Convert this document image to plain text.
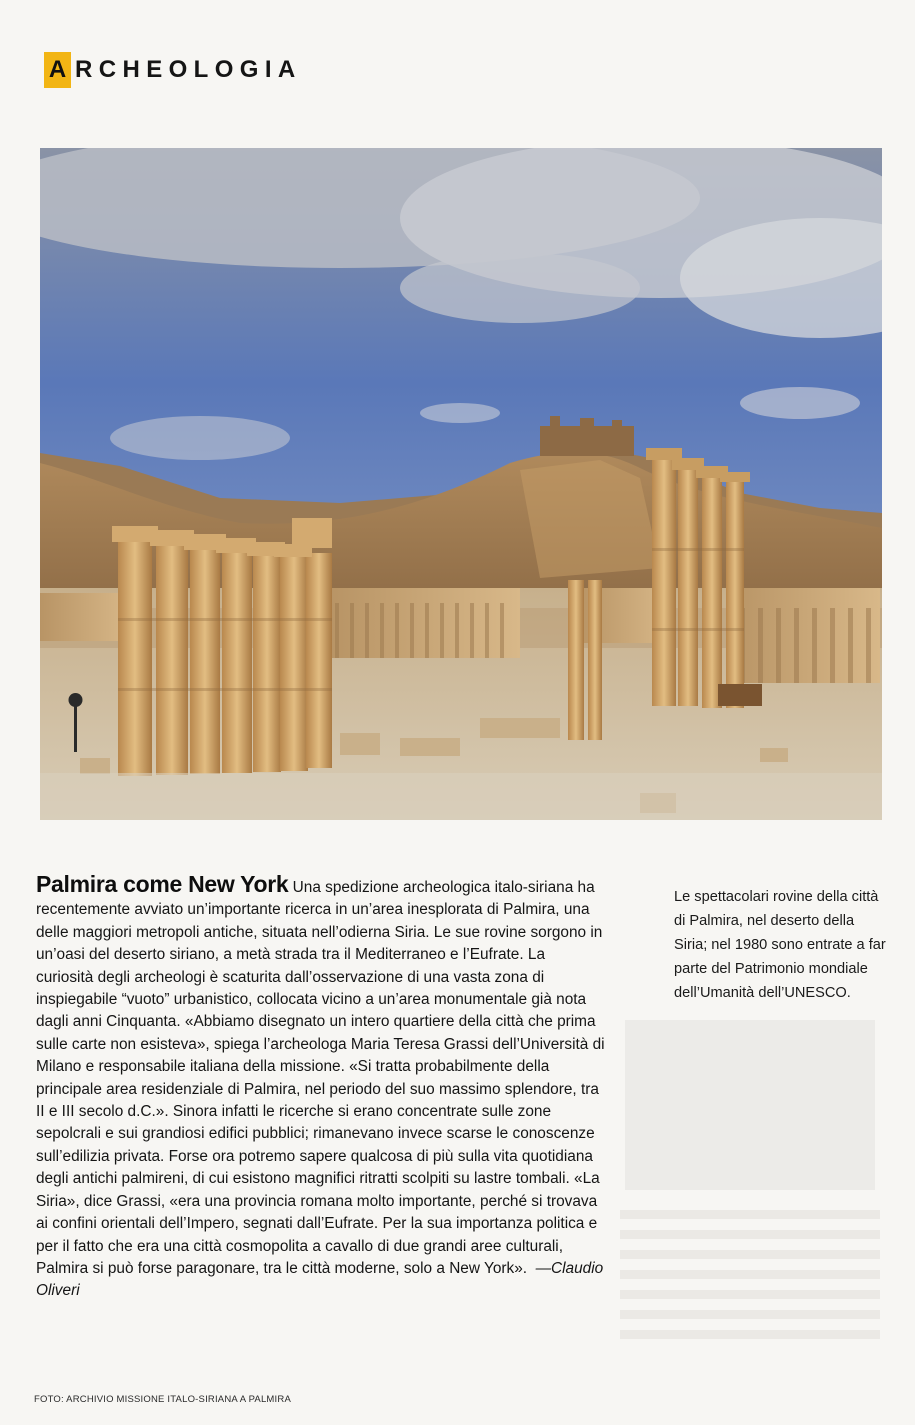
A RCHEOLOGIA
Palmira come New York Una spedizione archeologica italo-siriana ha recentemente avviato un’importante ricerca in un’area inesplorata di Palmira, una delle maggiori metropoli antiche, situata nell’odierna Siria. Le sue rovine sorgono in un’oasi del deserto siriano, a metà strada tra il Mediterraneo e l’Eufrate. La curiosità degli archeologi è scaturita dall’osservazione di una vasta zona di inspiegabile “vuoto” urbanistico, collocata vicino a un’area monumentale già nota dagli anni Cinquanta. «Abbiamo disegnato un intero quartiere della città che prima sulle carte non esisteva», spiega l’archeologa Maria Teresa Grassi dell’Università di Milano e responsabile italiana della missione. «Si tratta probabilmente della principale area residenziale di Palmira, nel periodo del suo massimo splendore, tra II e III secolo d.C.». Sinora infatti le ricerche si erano concentrate sulle zone sepolcrali e sui grandiosi edifici pubblici; rimanevano invece scarse le conoscenze sull’edilizia privata. Forse ora potremo sapere qualcosa di più sulla vita quotidiana degli antichi palmireni, di cui esistono magnifici ritratti scolpiti su lastre tombali. «La Siria», dice Grassi, «era una provincia romana molto importante, perché si trovava ai confini orientali dell’Impero, segnati dall’Eufrate. Per la sua importanza politica e per il fatto che era una città cosmopolita a cavallo di due grandi aree culturali, Palmira si può forse paragonare, tra le città moderne, solo a New York». —Claudio Oliveri
Le spettacolari rovine della città di Palmira, nel deserto della Siria; nel 1980 sono entrate a far parte del Patrimonio mondiale dell’Umanità dell’UNESCO.
FOTO: ARCHIVIO MISSIONE ITALO-SIRIANA A PALMIRA
